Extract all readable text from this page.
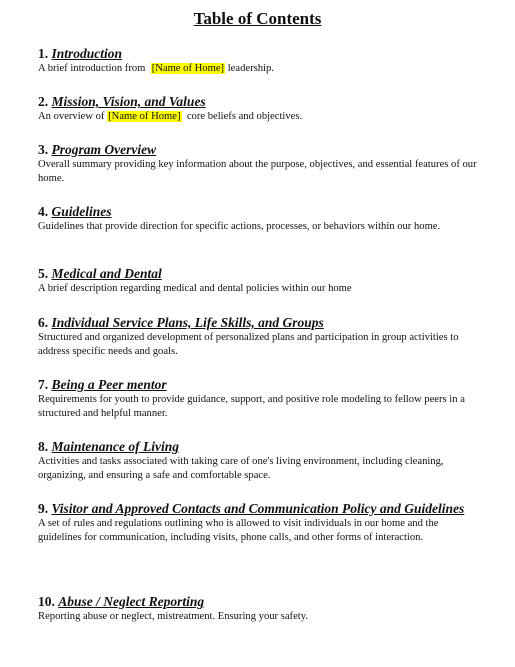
Table of Contents
1. Introduction
A brief introduction from [Name of Home] leadership.
2. Mission, Vision, and Values
An overview of [Name of Home] core beliefs and objectives.
3. Program Overview
Overall summary providing key information about the purpose, objectives, and essential features of our home.
4. Guidelines
Guidelines that provide direction for specific actions, processes, or behaviors within our home.
5. Medical and Dental
A brief description regarding medical and dental policies within our home
6. Individual Service Plans, Life Skills, and Groups
Structured and organized development of personalized plans and participation in group activities to address specific needs and goals.
7. Being a Peer mentor
Requirements for youth to provide guidance, support, and positive role modeling to fellow peers in a structured and helpful manner.
8. Maintenance of Living
Activities and tasks associated with taking care of one's living environment, including cleaning, organizing, and ensuring a safe and comfortable space.
9. Visitor and Approved Contacts and Communication Policy and Guidelines
A set of rules and regulations outlining who is allowed to visit individuals in our home and the guidelines for communication, including visits, phone calls, and other forms of interaction.
10. Abuse / Neglect Reporting
Reporting abuse or neglect, mistreatment. Ensuring your safety.
